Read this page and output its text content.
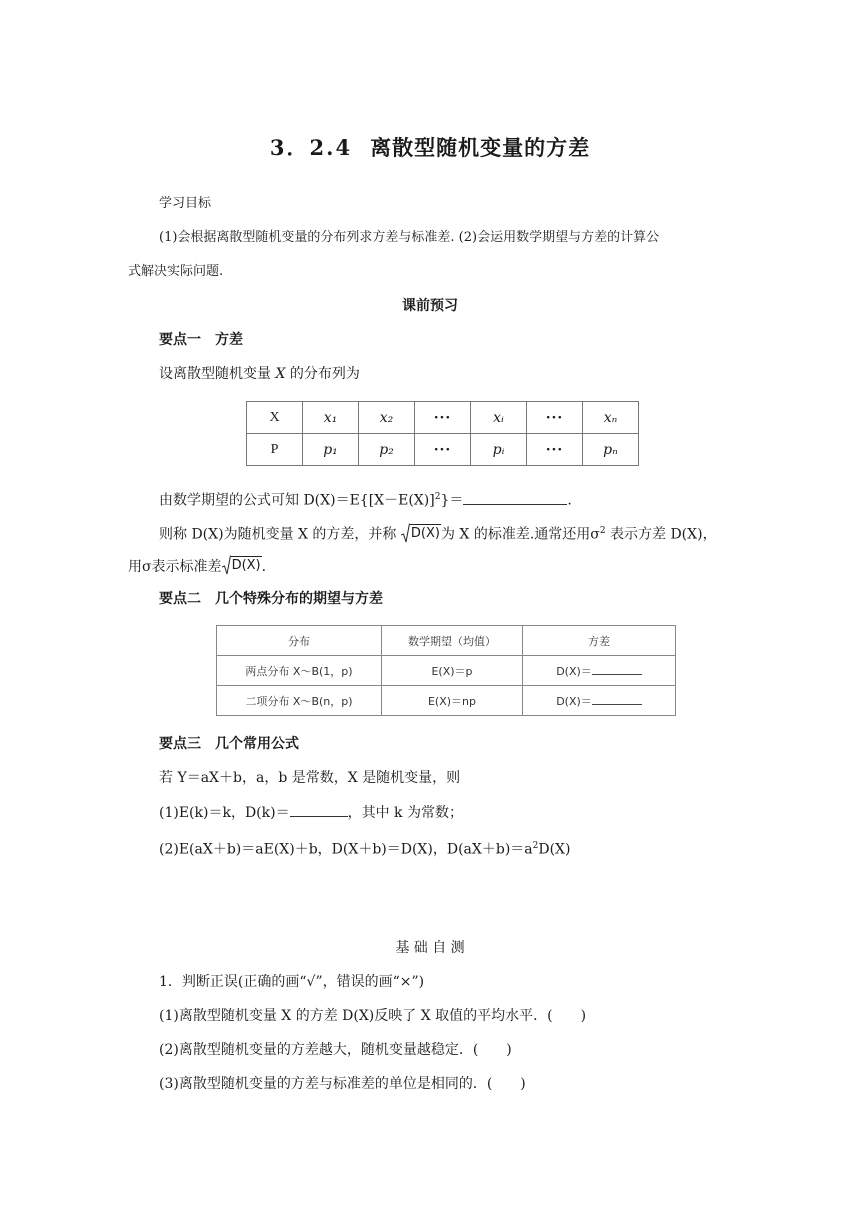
3．2.4 离散型随机变量的方差
学习目标
(1)会根据离散型随机变量的分布列求方差与标准差. (2)会运用数学期望与方差的计算公
式解决实际问题.
课前预习
要点一　方差
设离散型随机变量 X 的分布列为
X	x₁	x₂	···	xᵢ	···	xₙ
P	p₁	p₂	···	pᵢ	···	pₙ
由数学期望的公式可知 $D(X)=E\{[X-E(X)]^2\}=$	.
则称 D(X)为随机变量 X 的方差，并称 D(X) 为 X 的标准差.通常还用$\sigma^2$ 表示方差 D(X)，
用σ表示标准差 D(X) .
要点二　几个特殊分布的期望与方差
分布	数学期望（均值）	方差
两点分布 X～B(1，p)	E(X)＝p	D(X)＝
二项分布 X～B(n，p)	E(X)＝np	D(X)＝
要点三　几个常用公式
若 Y＝aX＋b，a，b 是常数，X 是随机变量，则
(1)E(k)＝k，D(k)＝	，其中 k 为常数；
(2)E(aX＋b)＝aE(X)＋b，D(X＋b)＝D(X)，$D(aX+b)=a^2D(X)$
基 础 自 测
1．判断正误(正确的画“√”，错误的画“×”)
(1)离散型随机变量 X 的方差 D(X)反映了 X 取值的平均水平．(　　)
(2)离散型随机变量的方差越大，随机变量越稳定．(　　)
(3)离散型随机变量的方差与标准差的单位是相同的．(　　)
